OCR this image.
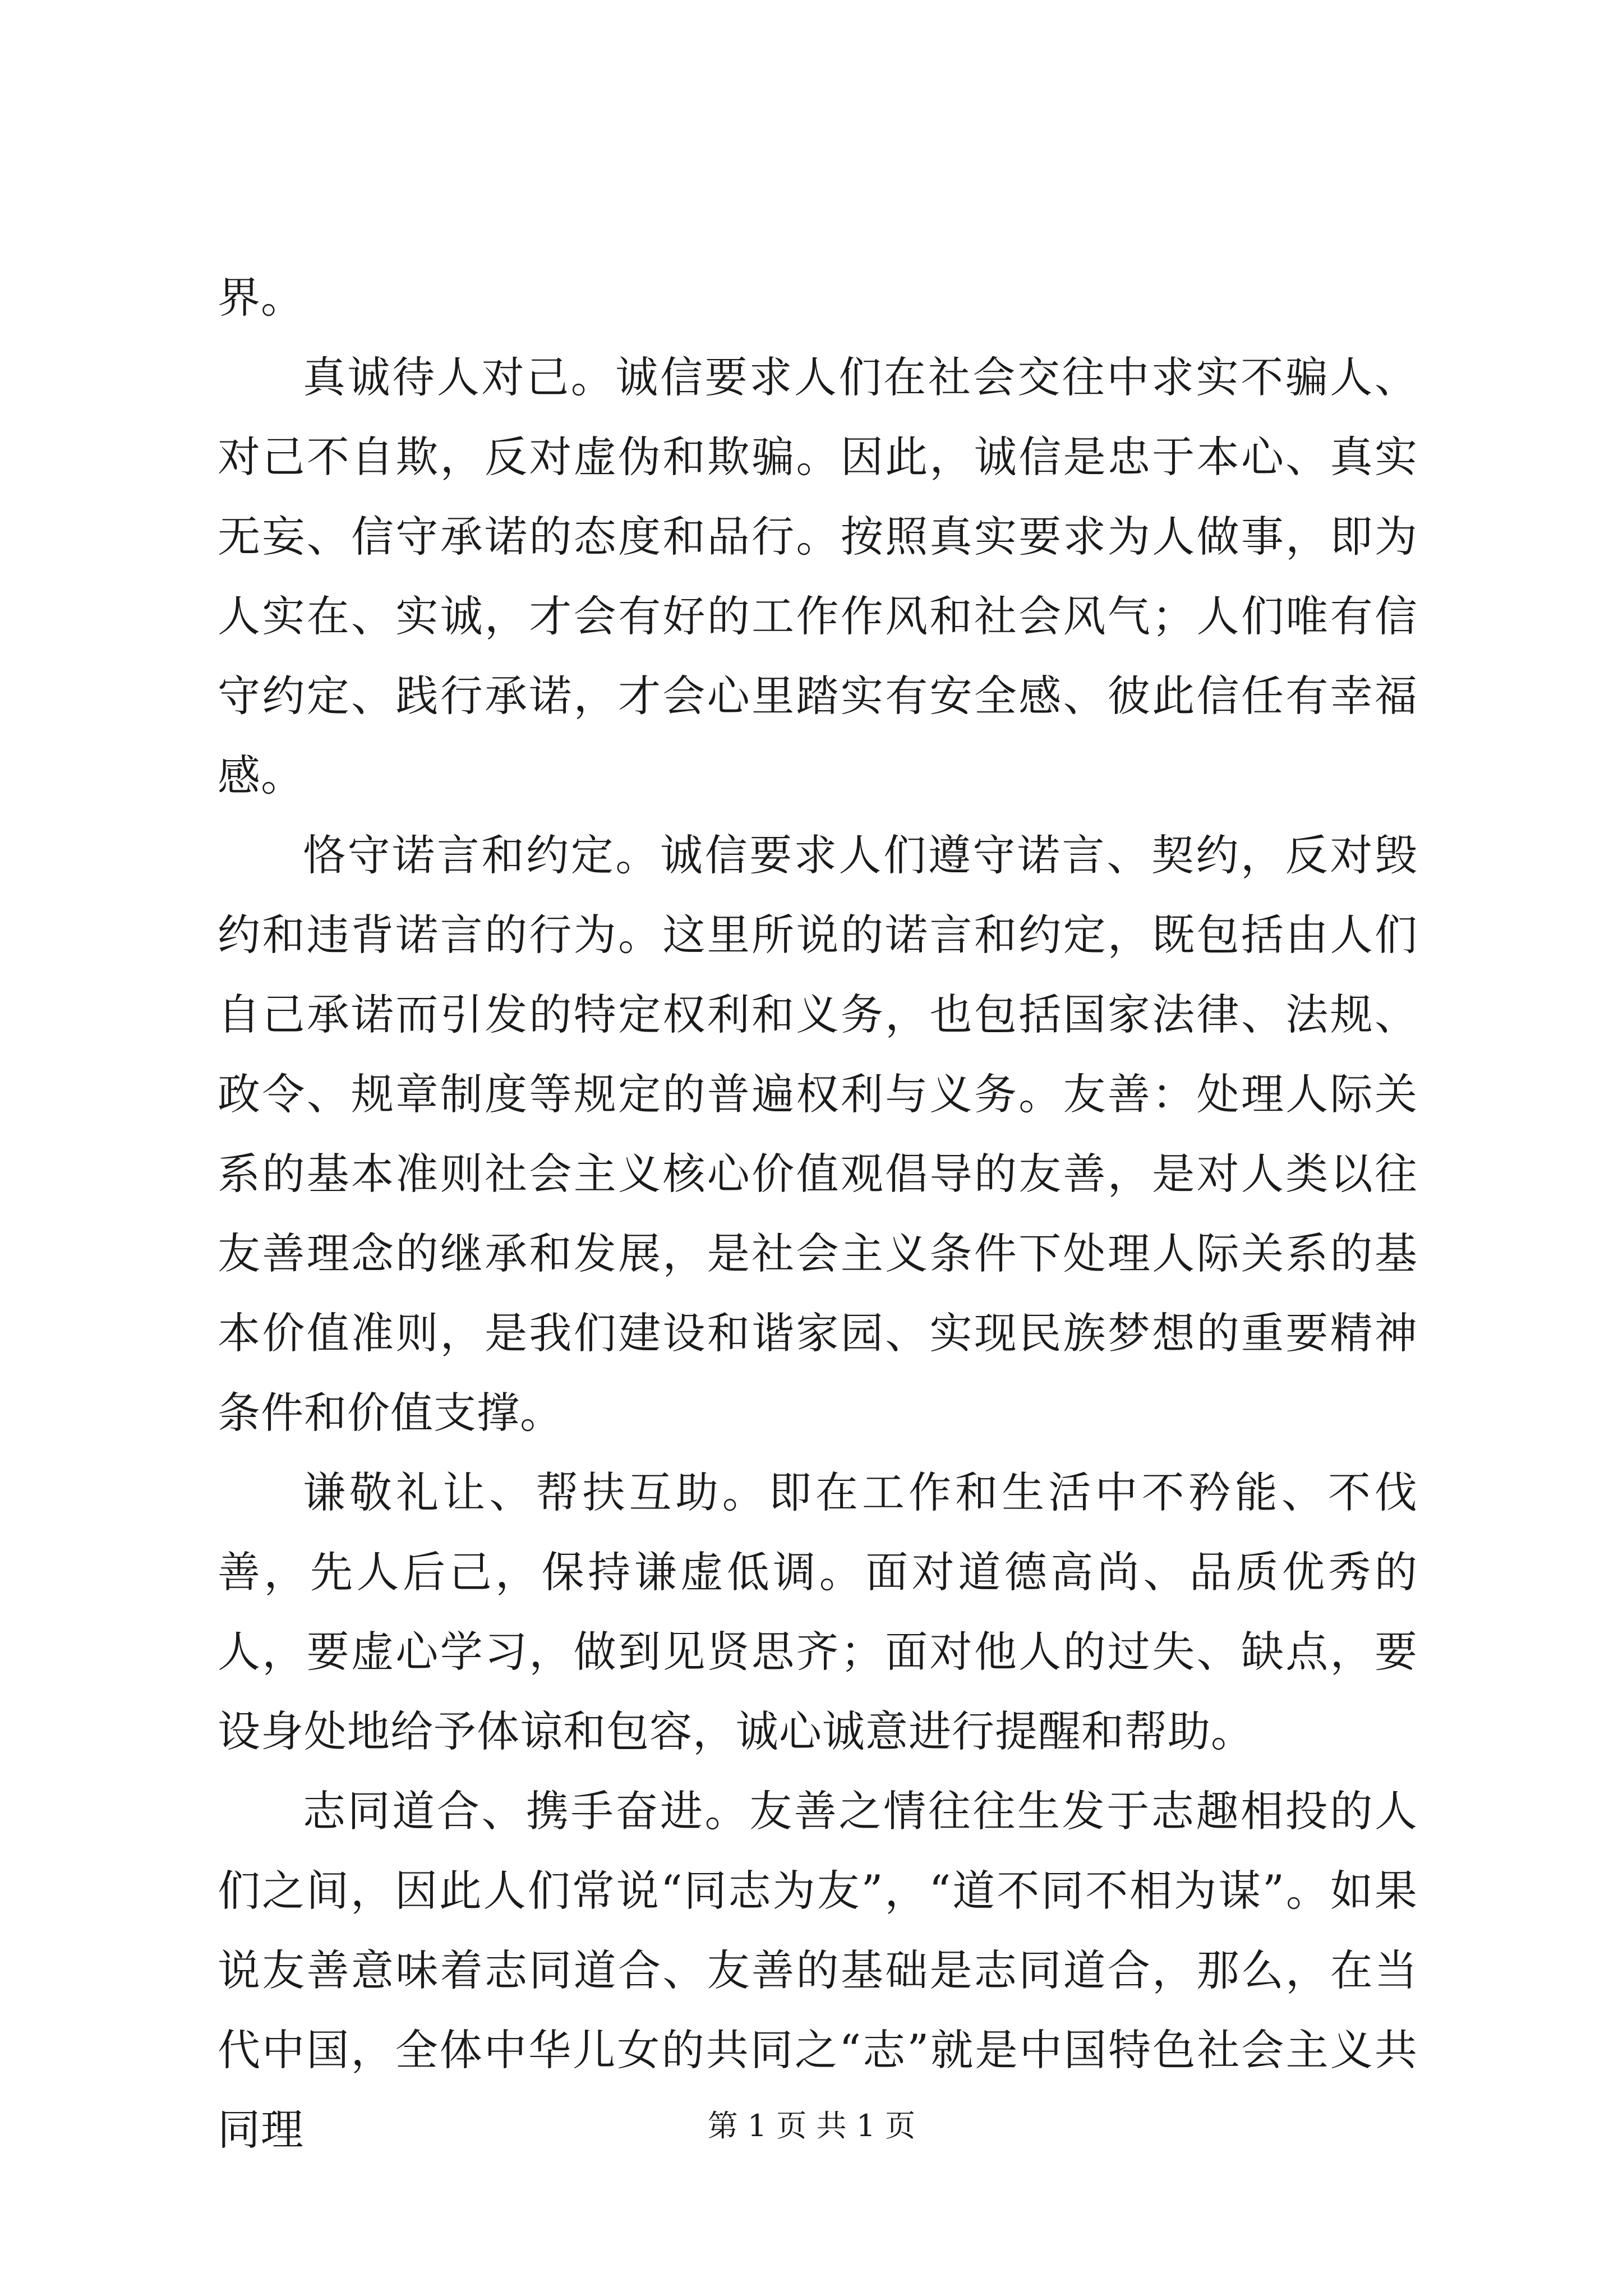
界。

真诚待人对己。诚信要求人们在社会交往中求实不骗人、对己不自欺，反对虚伪和欺骗。因此，诚信是忠于本心、真实无妄、信守承诺的态度和品行。按照真实要求为人做事，即为人实在、实诚，才会有好的工作作风和社会风气；人们唯有信守约定、践行承诺，才会心里踏实有安全感、彼此信任有幸福感。

恪守诺言和约定。诚信要求人们遵守诺言、契约，反对毁约和违背诺言的行为。这里所说的诺言和约定，既包括由人们自己承诺而引发的特定权利和义务，也包括国家法律、法规、政令、规章制度等规定的普遍权利与义务。友善：处理人际关系的基本准则社会主义核心价值观倡导的友善，是对人类以往友善理念的继承和发展，是社会主义条件下处理人际关系的基本价值准则，是我们建设和谐家园、实现民族梦想的重要精神条件和价值支撑。

谦敬礼让、帮扶互助。即在工作和生活中不矜能、不伐善，先人后己，保持谦虚低调。面对道德高尚、品质优秀的人，要虚心学习，做到见贤思齐；面对他人的过失、缺点，要设身处地给予体谅和包容，诚心诚意进行提醒和帮助。

志同道合、携手奋进。友善之情往往生发于志趣相投的人们之间，因此人们常说“同志为友”，“道不同不相为谋”。如果说友善意味着志同道合、友善的基础是志同道合，那么，在当代中国，全体中华儿女的共同之“志”就是中国特色社会主义共同理	第 1 页 共 1 页
